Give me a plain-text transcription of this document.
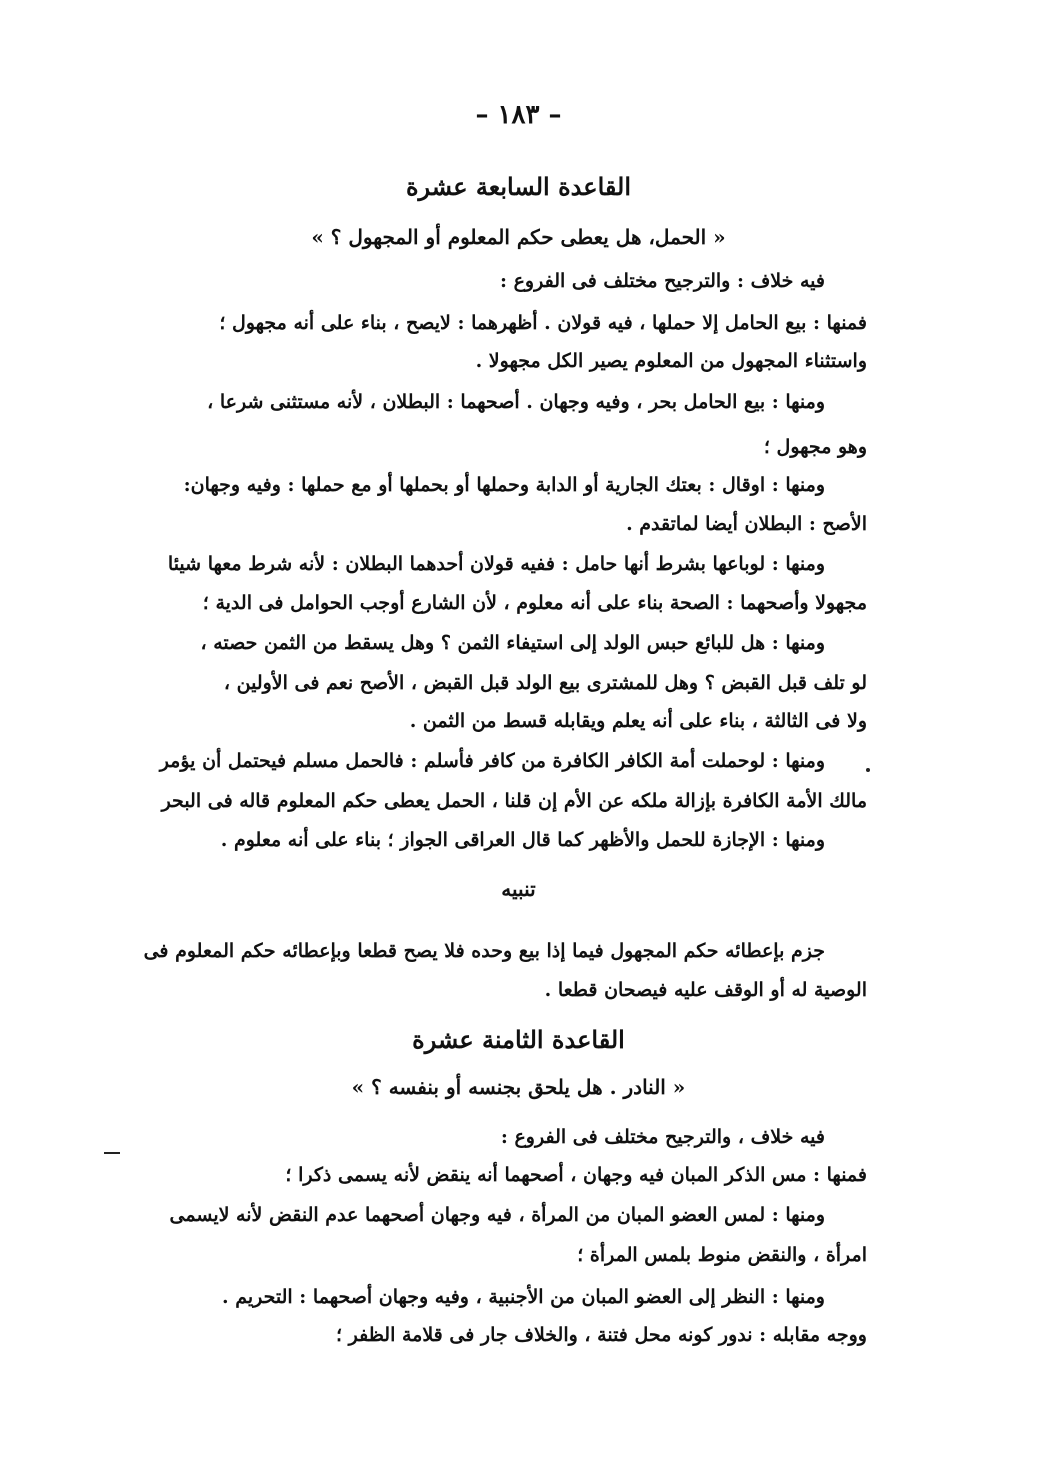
– ١٨٣ –
القاعدة السابعة عشرة
« الحمل، هل يعطى حكم المعلوم أو المجهول ؟ »
فيه خلاف : والترجيح مختلف فى الفروع :
فمنها : بيع الحامل إلا حملها ، فيه قولان . أظهرهما : لايصح ، بناء على أنه مجهول ؛
واستثناء المجهول من المعلوم يصير الكل مجهولا .
ومنها : بيع الحامل بحر ، وفيه وجهان . أصحهما : البطلان ، لأنه مستثنى شرعا ،
وهو مجهول ؛
ومنها : اوقال : بعتك الجارية أو الدابة وحملها أو بحملها أو مع حملها : وفيه وجهان:
الأصح : البطلان أيضا لماتقدم .
ومنها : لوباعها بشرط أنها حامل : ففيه قولان أحدهما البطلان : لأنه شرط معها شيئا
مجهولا وأصحهما : الصحة بناء على أنه معلوم ، لأن الشارع أوجب الحوامل فى الدية ؛
ومنها : هل للبائع حبس الولد إلى استيفاء الثمن ؟ وهل يسقط من الثمن حصته ،
لو تلف قبل القبض ؟ وهل للمشترى بيع الولد قبل القبض ، الأصح نعم فى الأولين ،
ولا فى الثالثة ، بناء على أنه يعلم ويقابله قسط من الثمن .
ومنها : لوحملت أمة الكافر الكافرة من كافر فأسلم : فالحمل مسلم فيحتمل أن يؤمر
مالك الأمة الكافرة بإزالة ملكه عن الأم إن قلنا ، الحمل يعطى حكم المعلوم قاله فى البحر
ومنها : الإجازة للحمل والأظهر كما قال العراقى الجواز ؛ بناء على أنه معلوم .
تنبيه
جزم بإعطائه حكم المجهول فيما إذا بيع وحده فلا يصح قطعا وبإعطائه حكم المعلوم فى
الوصية له أو الوقف عليه فيصحان قطعا .
القاعدة الثامنة عشرة
« النادر . هل يلحق بجنسه أو بنفسه ؟ »
فيه خلاف ، والترجيح مختلف فى الفروع :
فمنها : مس الذكر المبان فيه وجهان ، أصحهما أنه ينقض لأنه يسمى ذكرا ؛
ومنها : لمس العضو المبان من المرأة ، فيه وجهان أصحهما عدم النقض لأنه لايسمى
امرأة ، والنقض منوط بلمس المرأة ؛
ومنها : النظر إلى العضو المبان من الأجنبية ، وفيه وجهان أصحهما : التحريم .
ووجه مقابله : ندور كونه محل فتنة ، والخلاف جار فى قلامة الظفر ؛
